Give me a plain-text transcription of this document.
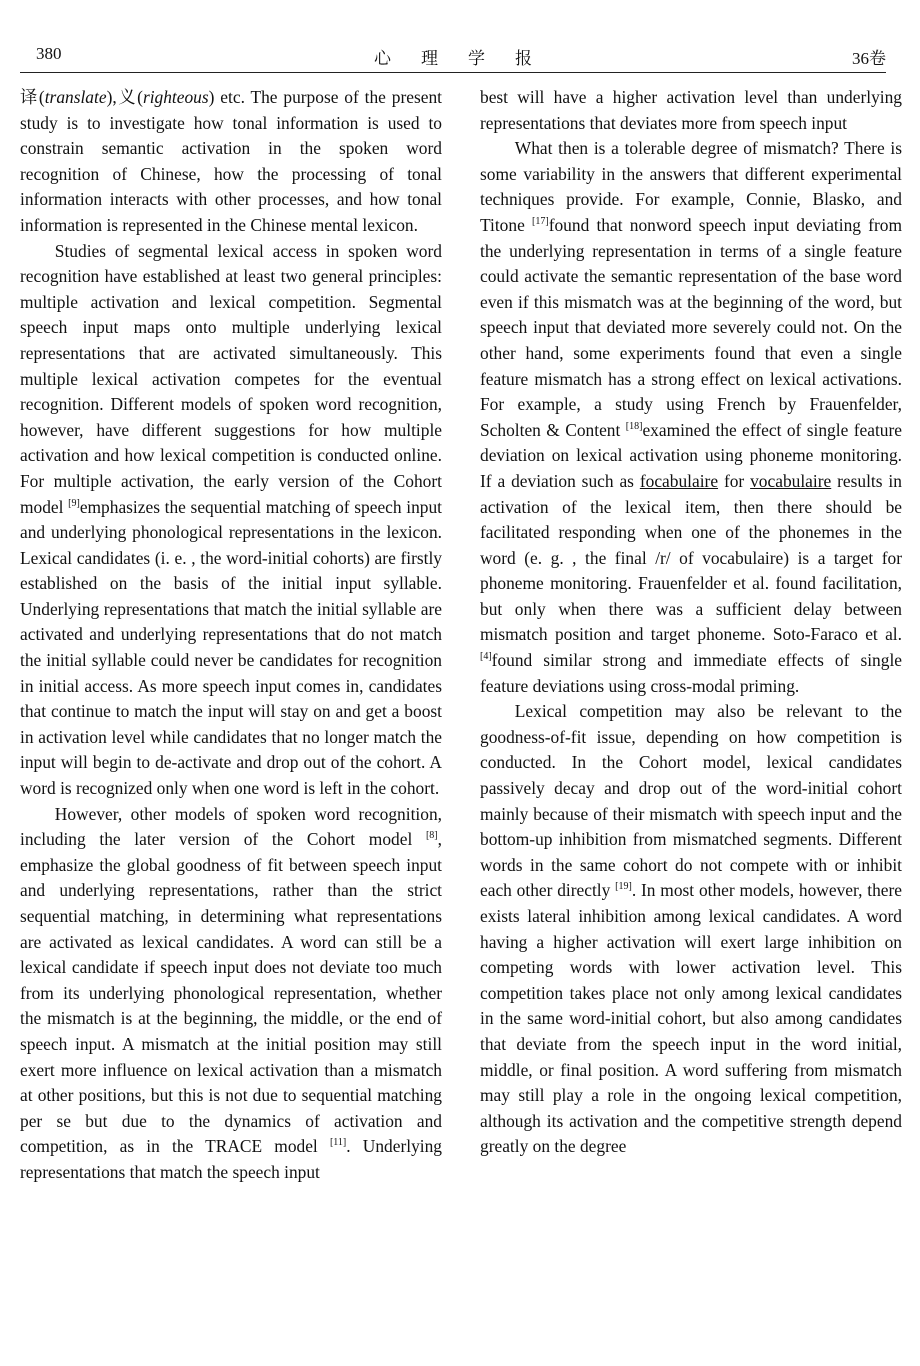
380	心理学报	36卷

译(translate),义(righteous) etc. The purpose of the present study is to investigate how tonal information is used to constrain semantic activation in the spoken word recognition of Chinese, how the processing of tonal information interacts with other processes, and how tonal information is represented in the Chinese mental lexicon.

Studies of segmental lexical access in spoken word recognition have established at least two general principles: multiple activation and lexical competition. Segmental speech input maps onto multiple underlying lexical representations that are activated simultaneously. This multiple lexical activation competes for the eventual recognition. Different models of spoken word recognition, however, have different suggestions for how multiple activation and how lexical competition is conducted online. For multiple activation, the early version of the Cohort model [9]emphasizes the sequential matching of speech input and underlying phonological representations in the lexicon. Lexical candidates (i. e. , the word-initial cohorts) are firstly established on the basis of the initial input syllable. Underlying representations that match the initial syllable are activated and underlying representations that do not match the initial syllable could never be candidates for recognition in initial access. As more speech input comes in, candidates that continue to match the input will stay on and get a boost in activation level while candidates that no longer match the input will begin to de-activate and drop out of the cohort. A word is recognized only when one word is left in the cohort.

However, other models of spoken word recognition, including the later version of the Cohort model [8], emphasize the global goodness of fit between speech input and underlying representations, rather than the strict sequential matching, in determining what representations are activated as lexical candidates. A word can still be a lexical candidate if speech input does not deviate too much from its underlying phonological representation, whether the mismatch is at the beginning, the middle, or the end of speech input. A mismatch at the initial position may still exert more influence on lexical activation than a mismatch at other positions, but this is not due to sequential matching per se but due to the dynamics of activation and competition, as in the TRACE model [11]. Underlying representations that match the speech input

best will have a higher activation level than underlying representations that deviates more from speech input

What then is a tolerable degree of mismatch? There is some variability in the answers that different experimental techniques provide. For example, Connie, Blasko, and Titone [17]found that nonword speech input deviating from the underlying representation in terms of a single feature could activate the semantic representation of the base word even if this mismatch was at the beginning of the word, but speech input that deviated more severely could not. On the other hand, some experiments found that even a single feature mismatch has a strong effect on lexical activations. For example, a study using French by Frauenfelder, Scholten & Content [18]examined the effect of single feature deviation on lexical activation using phoneme monitoring. If a deviation such as focabulaire for vocabulaire results in activation of the lexical item, then there should be facilitated responding when one of the phonemes in the word (e. g. , the final /r/ of vocabulaire) is a target for phoneme monitoring. Frauenfelder et al. found facilitation, but only when there was a sufficient delay between mismatch position and target phoneme. Soto-Faraco et al.[4]found similar strong and immediate effects of single feature deviations using cross-modal priming.

Lexical competition may also be relevant to the goodness-of-fit issue, depending on how competition is conducted. In the Cohort model, lexical candidates passively decay and drop out of the word-initial cohort mainly because of their mismatch with speech input and the bottom-up inhibition from mismatched segments. Different words in the same cohort do not compete with or inhibit each other directly [19]. In most other models, however, there exists lateral inhibition among lexical candidates. A word having a higher activation will exert large inhibition on competing words with lower activation level. This competition takes place not only among lexical candidates in the same word-initial cohort, but also among candidates that deviate from the speech input in the word initial, middle, or final position. A word suffering from mismatch may still play a role in the ongoing lexical competition, although its activation and the competitive strength depend greatly on the degree
